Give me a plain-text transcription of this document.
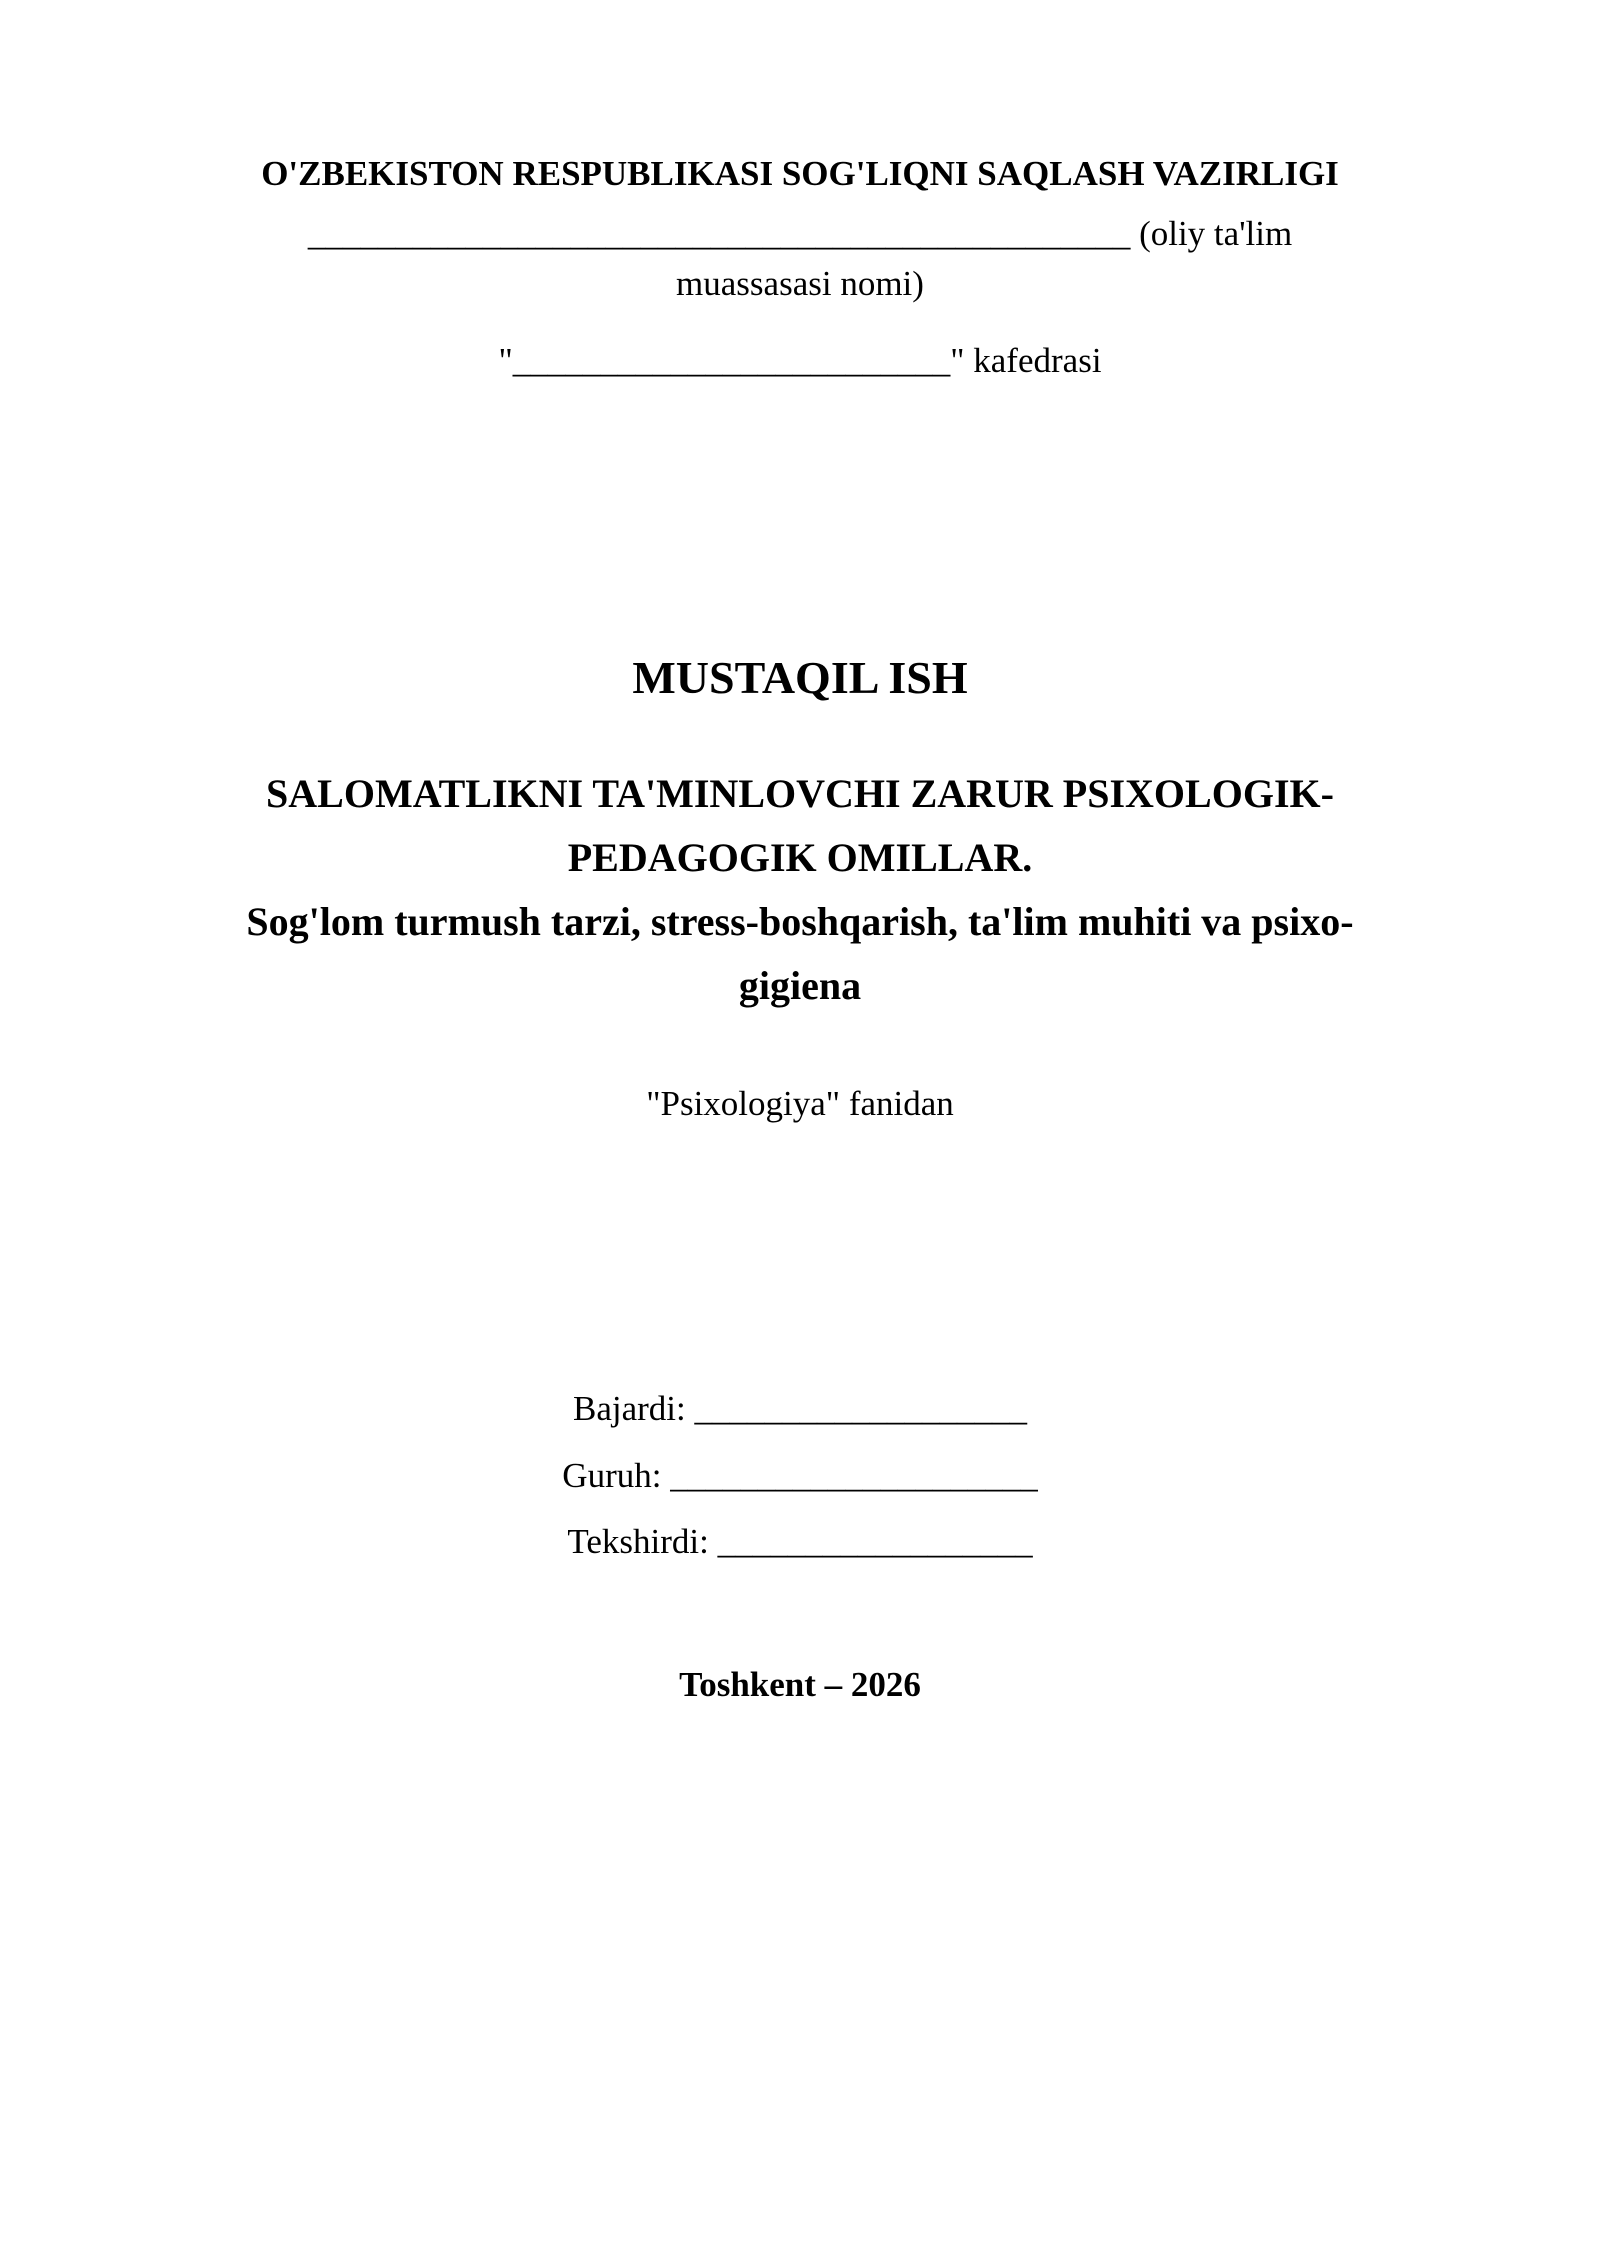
O'ZBEKISTON RESPUBLIKASI SOG'LIQNI SAQLASH VAZIRLIGI
_______________________________________________ (oliy ta'lim
muassasasi nomi)
"_________________________" kafedrasi
MUSTAQIL ISH
SALOMATLIKNI TA'MINLOVCHI ZARUR PSIXOLOGIK-
PEDAGOGIK OMILLAR.
Sog'lom turmush tarzi, stress-boshqarish, ta'lim muhiti va psixo-
gigiena
"Psixologiya" fanidan
Bajardi: ___________________
Guruh: _____________________
Tekshirdi: __________________
Toshkent – 2026
